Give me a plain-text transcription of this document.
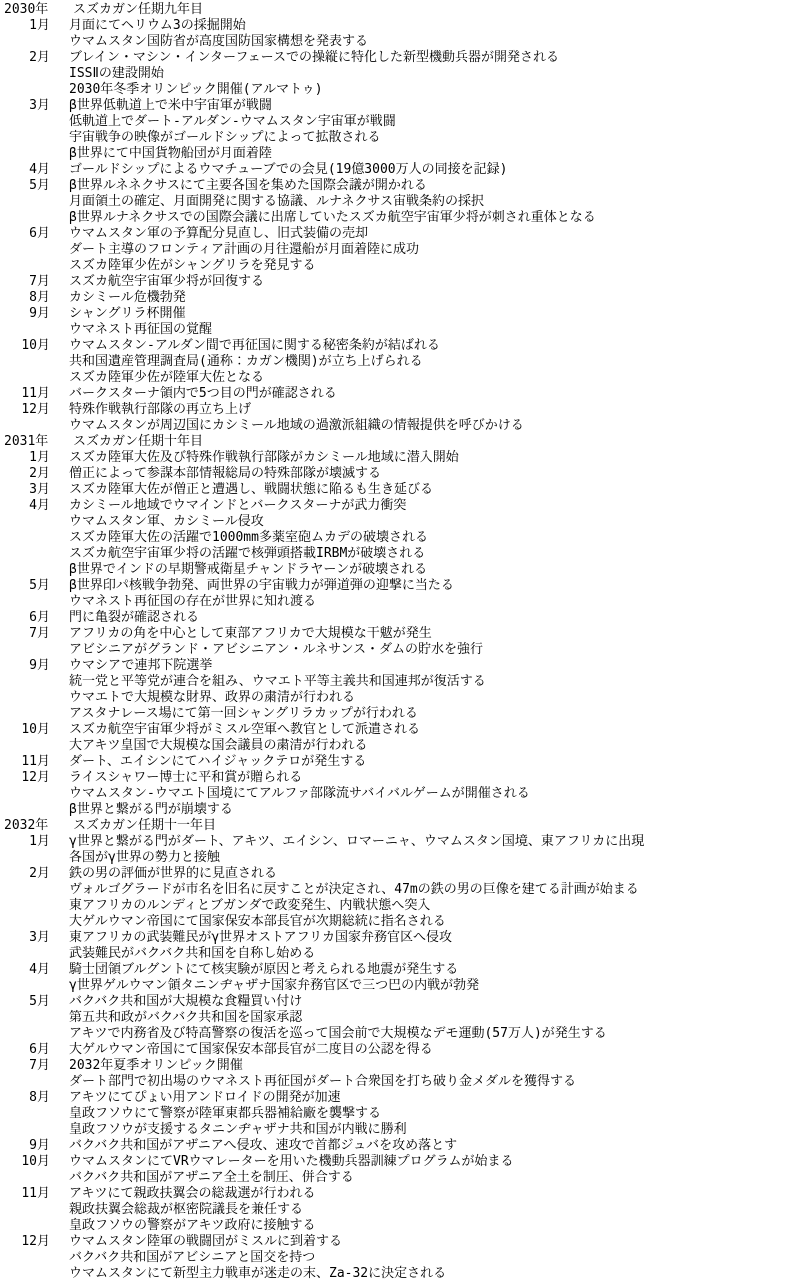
2030年	スズカガン任期九年目
1月 月面にてヘリウム3の採掘開始
ウマムスタン国防省が高度国防国家構想を発表する
2月 ブレイン・マシン・インターフェースでの操縦に特化した新型機動兵器が開発される
ISSⅡの建設開始
2030年冬季オリンピック開催(アルマトゥ)
3月 β世界低軌道上で米中宇宙軍が戦闘
低軌道上でダート-アルダン-ウマムスタン宇宙軍が戦闘
宇宙戦争の映像がゴールドシップによって拡散される
β世界にて中国貨物船団が月面着陸
4月 ゴールドシップによるウマチューブでの会見(19億3000万人の同接を記録)
5月 β世界ルネネクサスにて主要各国を集めた国際会議が開かれる
月面領土の確定、月面開発に関する協議、ルナネクサス宙戦条約の採択
β世界ルナネクサスでの国際会議に出席していたスズカ航空宇宙軍少将が刺され重体となる
6月 ウマムスタン軍の予算配分見直し、旧式装備の売却
ダート主導のフロンティア計画の月往還船が月面着陸に成功
スズカ陸軍少佐がシャングリラを発見する
7月 スズカ航空宇宙軍少将が回復する
8月 カシミール危機勃発
9月 シャングリラ杯開催
ウマネスト再征国の覚醒
10月 ウマムスタン-アルダン間で再征国に関する秘密条約が結ばれる
共和国遺産管理調査局(通称：カガン機関)が立ち上げられる
スズカ陸軍少佐が陸軍大佐となる
11月 バークスターナ領内で5つ目の門が確認される
12月 特殊作戦執行部隊の再立ち上げ
ウマムスタンが周辺国にカシミール地域の過激派組織の情報提供を呼びかける
2031年	スズカガン任期十年目
1月 スズカ陸軍大佐及び特殊作戦執行部隊がカシミール地域に潜入開始
2月 僧正によって参謀本部情報総局の特殊部隊が壊滅する
3月 スズカ陸軍大佐が僧正と遭遇し、戦闘状態に陥るも生き延びる
4月 カシミール地域でウマインドとバークスターナが武力衝突
ウマムスタン軍、カシミール侵攻
スズカ陸軍大佐の活躍で1000mm多薬室砲ムカデの破壊される
スズカ航空宇宙軍少将の活躍で核弾頭搭載IRBMが破壊される
β世界でインドの早期警戒衛星チャンドラヤーンが破壊される
5月 β世界印パ核戦争勃発、両世界の宇宙戦力が弾道弾の迎撃に当たる
ウマネスト再征国の存在が世界に知れ渡る
6月 門に亀裂が確認される
7月 アフリカの角を中心として東部アフリカで大規模な干魃が発生
アビシニアがグランド・アビシニアン・ルネサンス・ダムの貯水を強行
9月 ウマシアで連邦下院選挙
統一党と平等党が連合を組み、ウマエト平等主義共和国連邦が復活する
ウマエトで大規模な財界、政界の粛清が行われる
アスタナレース場にて第一回シャングリラカップが行われる
10月 スズカ航空宇宙軍少将がミスル空軍へ教官として派遣される
大アキツ皇国で大規模な国会議員の粛清が行われる
11月 ダート、エイシンにてハイジャックテロが発生する
12月 ライスシャワー博士に平和賞が贈られる
ウマムスタン-ウマエト国境にてアルファ部隊流サバイバルゲームが開催される
β世界と繋がる門が崩壊する
2032年	スズカガン任期十一年目
1月 γ世界と繋がる門がダート、アキツ、エイシン、ロマーニャ、ウマムスタン国境、東アフリカに出現
各国がγ世界の勢力と接触
2月 鉄の男の評価が世界的に見直される
ヴォルゴグラードが市名を旧名に戻すことが決定され、47mの鉄の男の巨像を建てる計画が始まる
東アフリカのルンディとブガンダで政変発生、内戦状態へ突入
大ゲルウマン帝国にて国家保安本部長官が次期総統に指名される
3月 東アフリカの武装難民がγ世界オストアフリカ国家弁務官区へ侵攻
武装難民がバクバク共和国を自称し始める
4月 騎士団領ブルグントにて核実験が原因と考えられる地震が発生する
γ世界ゲルウマン領タニンヂャザナ国家弁務官区で三つ巴の内戦が勃発
5月 バクバク共和国が大規模な食糧買い付け
第五共和政がバクバク共和国を国家承認
アキツで内務省及び特高警察の復活を巡って国会前で大規模なデモ運動(57万人)が発生する
6月 大ゲルウマン帝国にて国家保安本部長官が二度目の公認を得る
7月 2032年夏季オリンピック開催
ダート部門で初出場のウマネスト再征国がダート合衆国を打ち破り金メダルを獲得する
8月 アキツにてぴょい用アンドロイドの開発が加速
皇政フソウにて警察が陸軍東都兵器補給廠を襲撃する
皇政フソウが支援するタニンヂャザナ共和国が内戦に勝利
9月 バクバク共和国がアザニアへ侵攻、速攻で首都ジュバを攻め落とす
10月 ウマムスタンにてVRウマレーターを用いた機動兵器訓練プログラムが始まる
バクバク共和国がアザニア全土を制圧、併合する
11月 アキツにて親政扶翼会の総裁選が行われる
親政扶翼会総裁が枢密院議長を兼任する
皇政フソウの警察がアキツ政府に接触する
12月 ウマムスタン陸軍の戦闘団がミスルに到着する
バクバク共和国がアビシニアと国交を持つ
ウマムスタンにて新型主力戦車が迷走の末、Za-32に決定される
